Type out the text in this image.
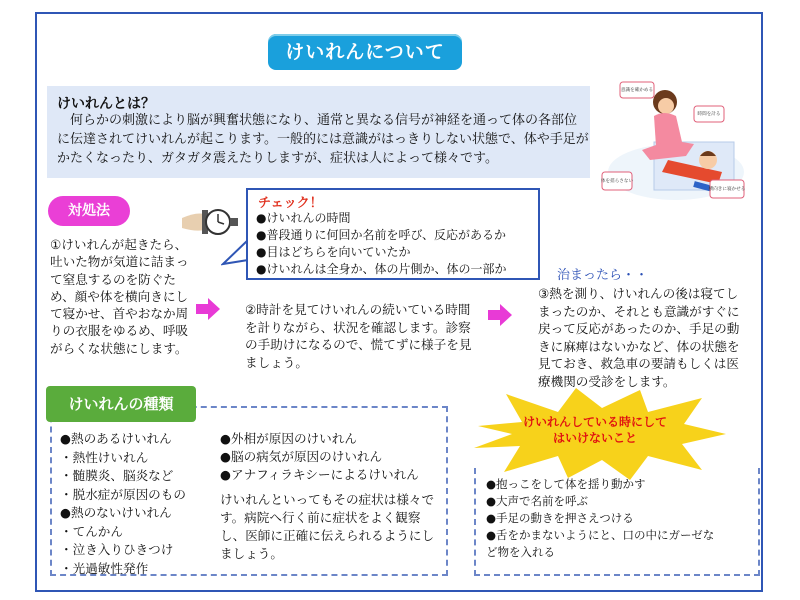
けいれんについて
けいれんとは？
何らかの刺激により脳が興奮状態になり、通常と異なる信号が神経を通って体の各部位に伝達されてけいれんが起こります。一般的には意識がはっきりしない状態で、体や手足がかたくなったり、ガタガタ震えたりしますが、症状は人によって様々です。
意識を確かめる
時間を計る
体を揺らさない
横向きに寝かせる
対処法	チェック！
●けいれんの時間
●普段通りに何回か名前を呼び、反応があるか
●目はどちらを向いていたか
●けいれんは全身か、体の片側か、体の一部か
①けいれんが起きたら、吐いた物が気道に詰まって窒息するのを防ぐため、顔や体を横向きにして寝かせ、首やおなか周りの衣服をゆるめ、呼吸がらくな状態にします。
②時計を見てけいれんの続いている時間を計りながら、状況を確認します。診察の手助けになるので、慌てずに様子を見ましょう。
治まったら・・
③熱を測り、けいれんの後は寝てしまったのか、それとも意識がすぐに戻って反応があったのか、手足の動きに麻痺はないかなど、体の状態を見ておき、救急車の要請もしくは医療機関の受診をします。
けいれんの種類
●熱のあるけいれん
・熱性けいれん
・髄膜炎、脳炎など
・脱水症が原因のもの
●熱のないけいれん
・てんかん
・泣き入りひきつけ
・光過敏性発作
●外相が原因のけいれん
●脳の病気が原因のけいれん
●アナフィラキシーによるけいれん
けいれんといってもその症状は様々です。病院へ行く前に症状をよく観察し、医師に正確に伝えられるようにしましょう。
けいれんしている時にしてはいけないこと
●抱っこをして体を揺り動かす
●大声で名前を呼ぶ
●手足の動きを押さえつける
●舌をかまないようにと、口の中にガーゼなど物を入れる
